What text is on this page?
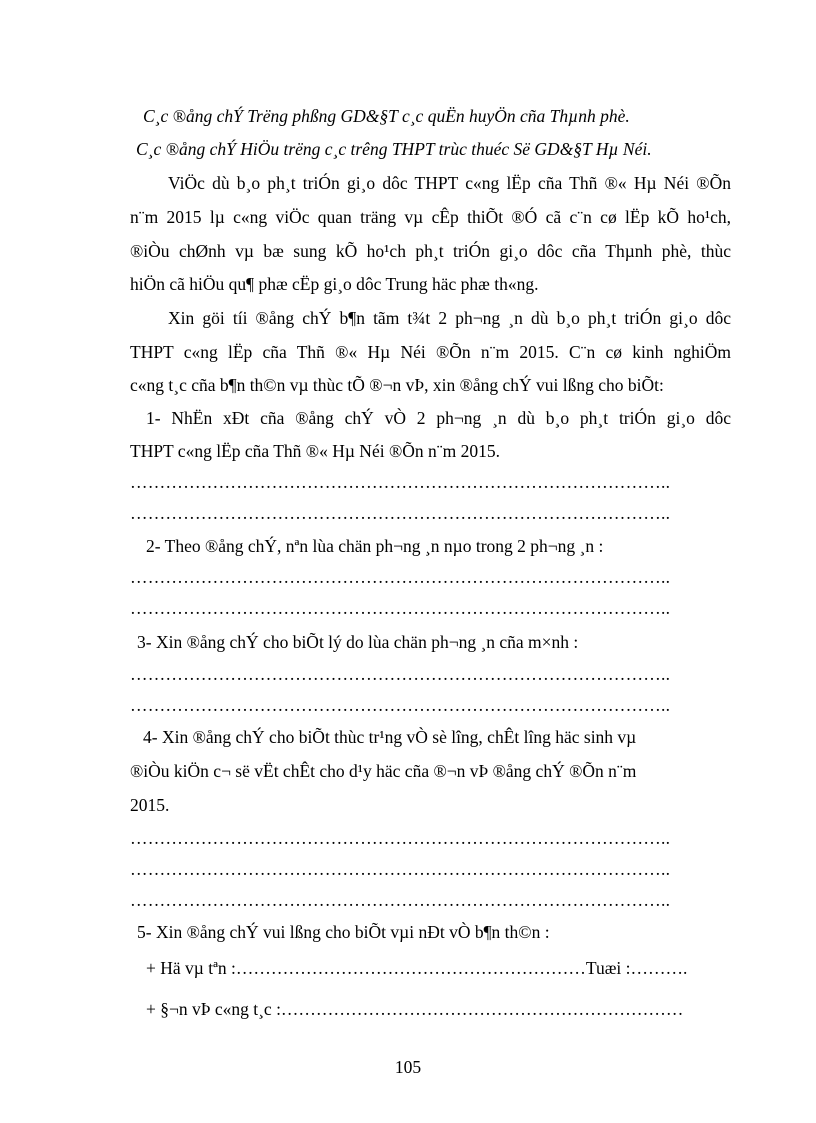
C¸c ®ång chÝ Trëng phßng GD&§T c¸c quËn huyÖn cña Thµnh phè.
C¸c ®ång chÝ HiÖu trëng c¸c trêng THPT trùc thuéc Së GD&§T Hµ Néi.
ViÖc dù b¸o ph¸t triÓn gi¸o dôc THPT c«ng lËp cña Thñ ®« Hµ Néi ®Õn
n¨m 2015 lµ c«ng viÖc quan träng vµ cÊp thiÕt ®Ó cã c¨n cø lËp kÕ ho¹ch,
®iÒu chØnh vµ bæ sung kÕ ho¹ch ph¸t triÓn gi¸o dôc cña Thµnh phè, thùc
hiÖn cã hiÖu qu¶ phæ cËp gi¸o dôc Trung häc phæ th«ng.
Xin göi tíi ®ång chÝ b¶n tãm t¾t 2 ph¬ng ¸n dù b¸o ph¸t triÓn gi¸o dôc
THPT c«ng lËp cña Thñ ®« Hµ Néi ®Õn n¨m 2015. C¨n cø kinh nghiÖm
c«ng t¸c cña b¶n th©n vµ thùc tÕ ®¬n vÞ, xin ®ång chÝ vui lßng cho biÕt:
1- NhËn xÐt cña ®ång chÝ vÒ 2 ph¬ng ¸n dù b¸o ph¸t triÓn gi¸o dôc
THPT c«ng lËp cña Thñ ®« Hµ Néi ®Õn n¨m 2015.
………………………………………………………………………………..
………………………………………………………………………………..
2- Theo ®ång chÝ, nªn lùa chän ph¬ng ¸n nµo trong 2 ph¬ng ¸n :
………………………………………………………………………………..
………………………………………………………………………………..
3- Xin ®ång chÝ cho biÕt lý do lùa chän ph¬ng ¸n cña m×nh :
………………………………………………………………………………..
………………………………………………………………………………..
4- Xin ®ång chÝ cho biÕt thùc tr¹ng vÒ sè lîng, chÊt lîng häc sinh vµ
®iÒu kiÖn c¬ së vËt chÊt cho d¹y häc cña ®¬n vÞ ®ång chÝ ®Õn n¨m
2015.
………………………………………………………………………………..
………………………………………………………………………………..
………………………………………………………………………………..
5- Xin ®ång chÝ vui lßng cho biÕt vµi nÐt vÒ b¶n th©n :
+ Hä vµ tªn :……………………………………………………Tuæi :……….
+ §¬n vÞ c«ng t¸c :……………………………………………………………
105
